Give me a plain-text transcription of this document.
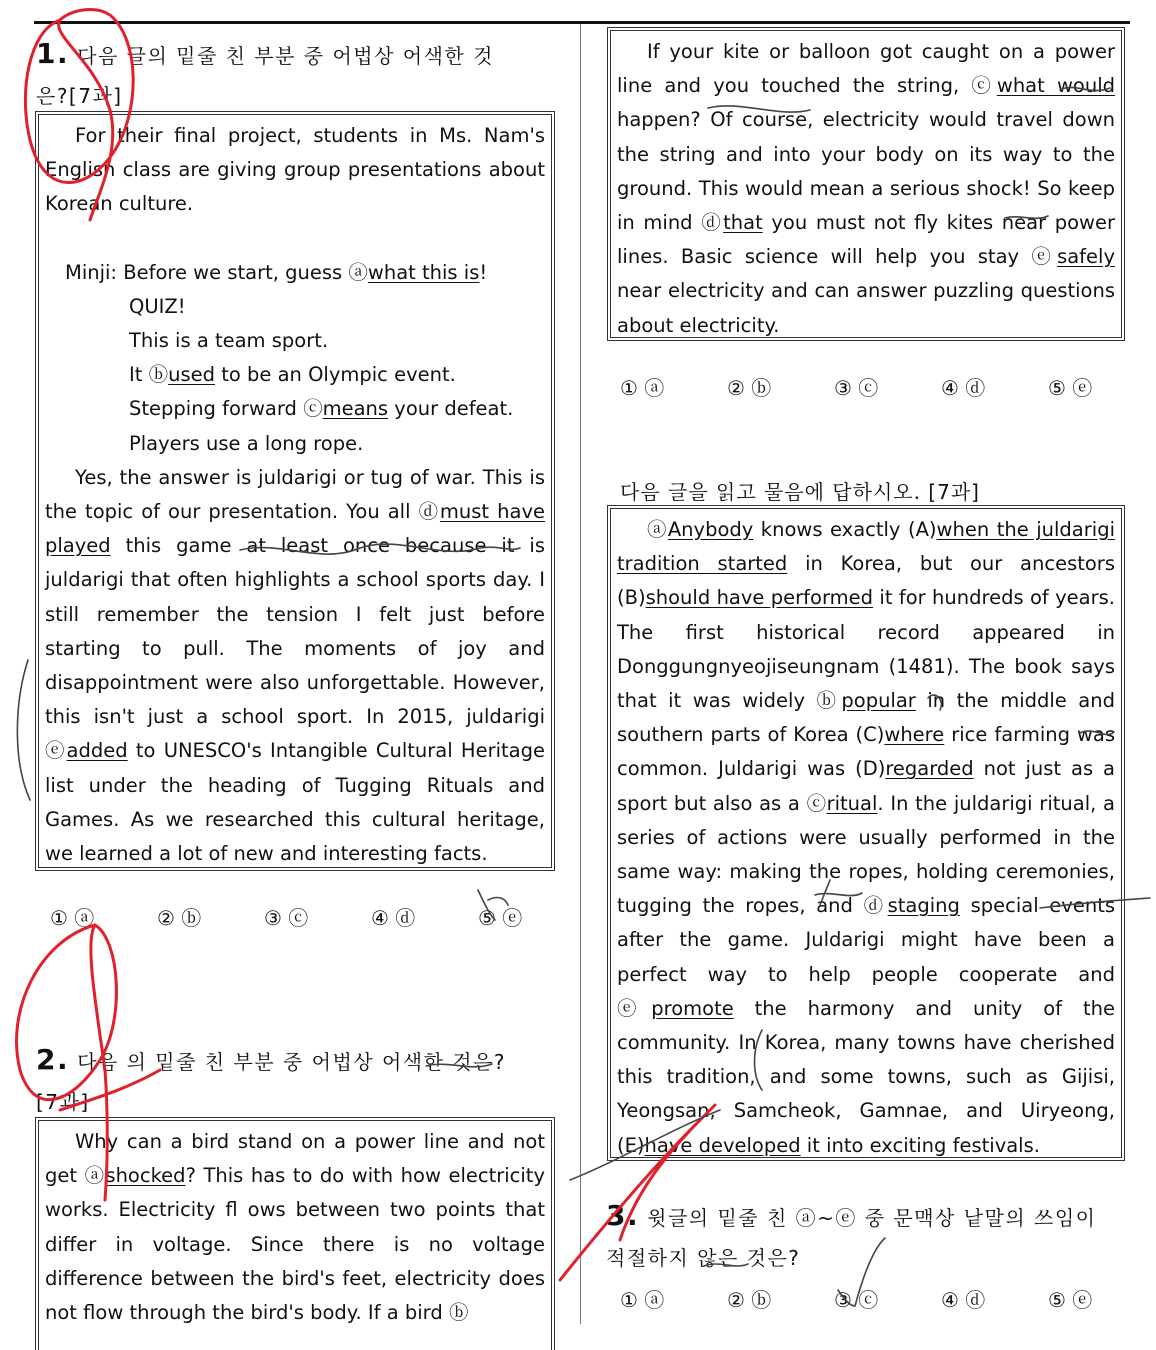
1. 다음 글의 밑줄 친 부분 중 어법상 어색한 것
은?[7과]

For their final project, students in Ms. Nam's English class are giving group presentations about Korean culture.

Minji: Before we start, guess ⓐwhat this is!
QUIZ!
This is a team sport.
It ⓑused to be an Olympic event.
Stepping forward ⓒmeans your defeat.
Players use a long rope.

Yes, the answer is juldarigi or tug of war. This is the topic of our presentation. You all ⓓmust have played this game at least once because it is juldarigi that often highlights a school sports day. I still remember the tension I felt just before starting to pull. The moments of joy and disappointment were also unforgettable. However, this isn't just a school sport. In 2015, juldarigi ⓔadded to UNESCO's Intangible Cultural Heritage list under the heading of Tugging Rituals and Games. As we researched this cultural heritage, we learned a lot of new and interesting facts.

① ⓐ	② ⓑ	③ ⓒ	④ ⓓ	⑤ ⓔ
2. 다음 의 밑줄 친 부분 중 어법상 어색한 것은?
[7과]

Why can a bird stand on a power line and not get ⓐshocked? This has to do with how electricity works. Electricity fl ows between two points that differ in voltage. Since there is no voltage difference between the bird's feet, electricity does not flow through the bird's body. If a bird ⓑ

If your kite or balloon got caught on a power line and you touched the string, ⓒwhat would happen? Of course, electricity would travel down the string and into your body on its way to the ground. This would mean a serious shock! So keep in mind ⓓthat you must not fly kites near power lines. Basic science will help you stay ⓔsafely near electricity and can answer puzzling questions about electricity.

① ⓐ	② ⓑ	③ ⓒ	④ ⓓ	⑤ ⓔ
다음 글을 읽고 물음에 답하시오. [7과]

ⓐAnybody knows exactly (A)when the juldarigi tradition started in Korea, but our ancestors (B)should have performed it for hundreds of years. The first historical record appeared in Donggungnyeojiseungnam (1481). The book says that it was widely ⓑpopular in the middle and southern parts of Korea (C)where rice farming was common. Juldarigi was (D)regarded not just as a sport but also as a ⓒritual. In the juldarigi ritual, a series of actions were usually performed in the same way: making the ropes, holding ceremonies, tugging the ropes, and ⓓstaging special events after the game. Juldarigi might have been a perfect way to help people cooperate and ⓔpromote the harmony and unity of the community. In Korea, many towns have cherished this tradition, and some towns, such as Gijisi, Yeongsan, Samcheok, Gamnae, and Uiryeong, (E)have developed it into exciting festivals.

3. 윗글의 밑줄 친 ⓐ~ⓔ 중 문맥상 낱말의 쓰임이
적절하지 않은 것은?
① ⓐ	② ⓑ	③ ⓒ	④ ⓓ	⑤ ⓔ
